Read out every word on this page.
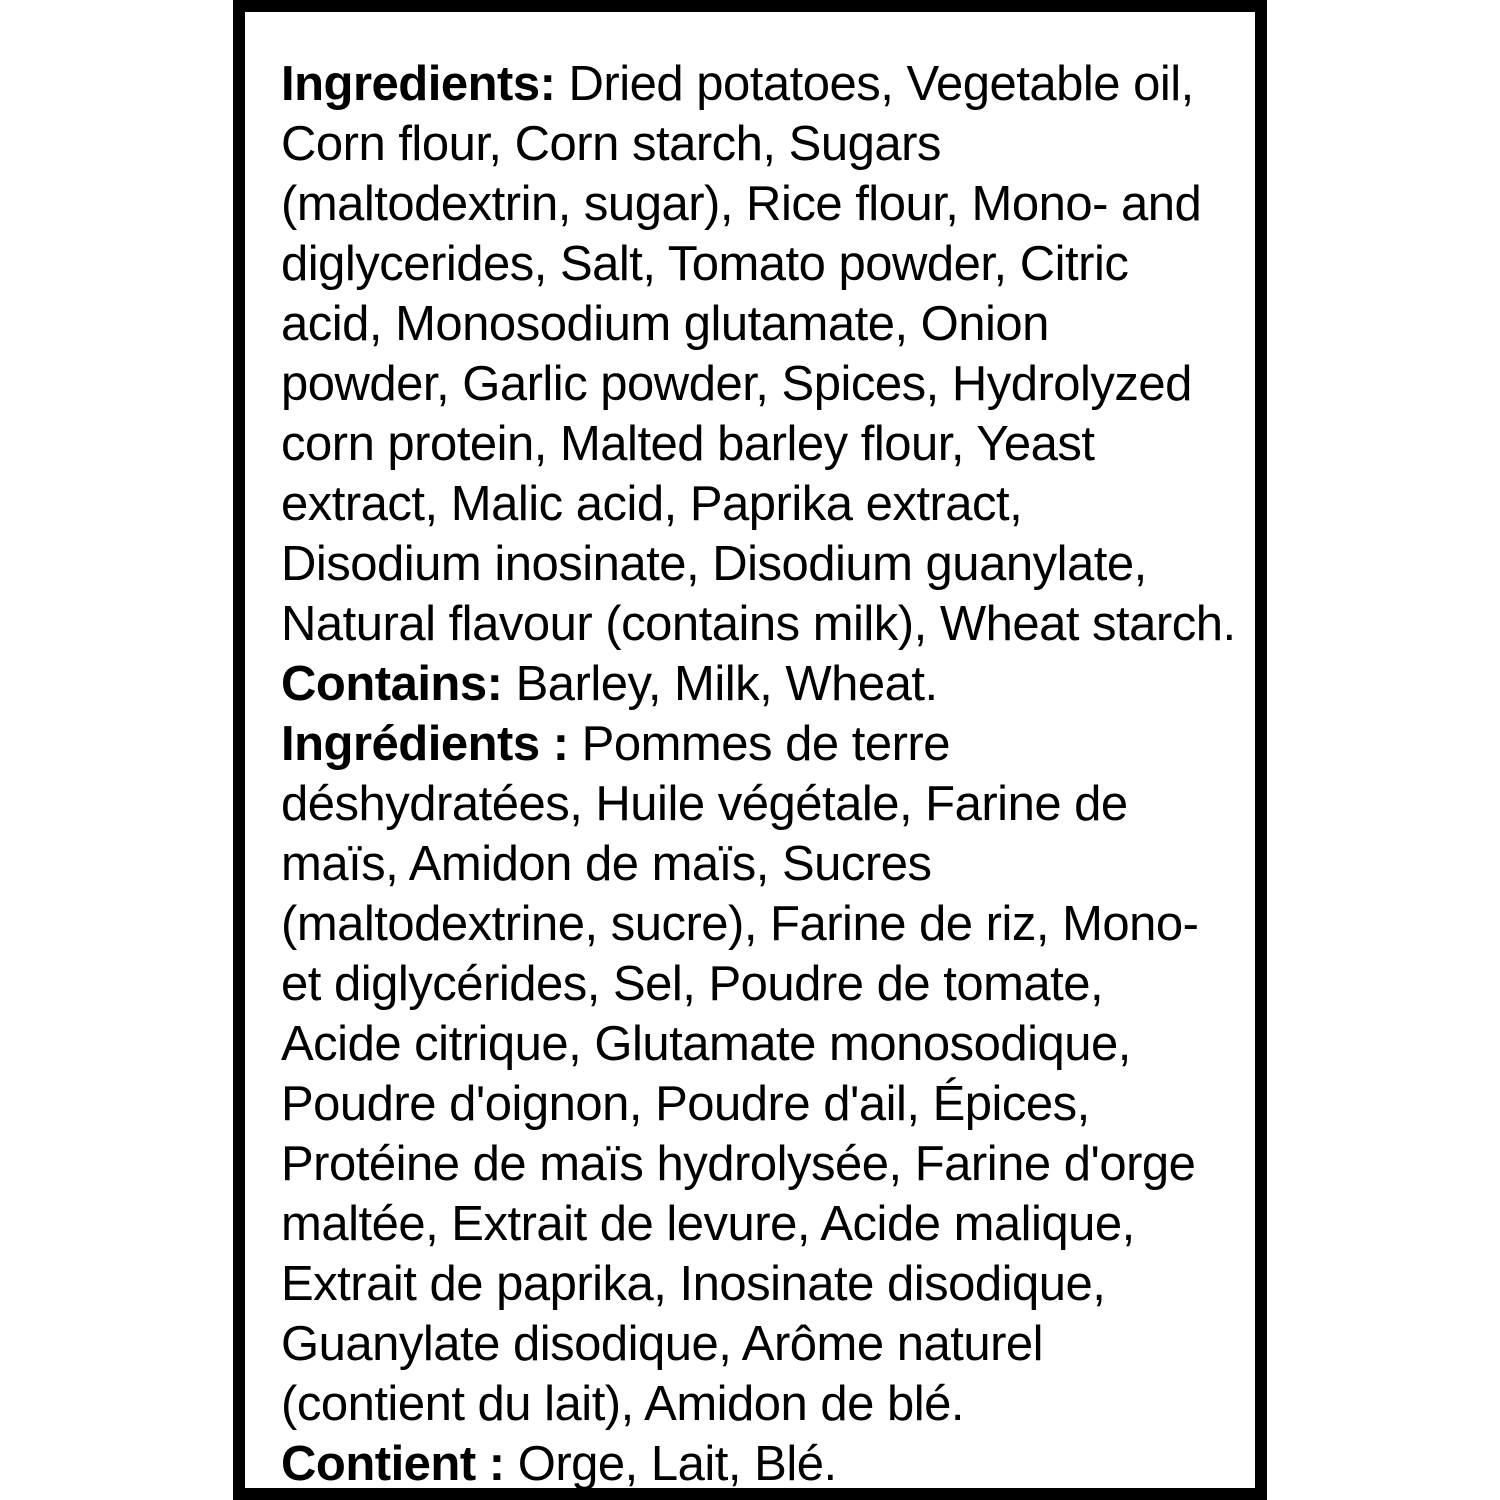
Ingredients: Dried potatoes, Vegetable oil,
Corn flour, Corn starch, Sugars
(maltodextrin, sugar), Rice flour, Mono- and
diglycerides, Salt, Tomato powder, Citric
acid, Monosodium glutamate, Onion
powder, Garlic powder, Spices, Hydrolyzed
corn protein, Malted barley flour, Yeast
extract, Malic acid, Paprika extract,
Disodium inosinate, Disodium guanylate,
Natural flavour (contains milk), Wheat starch.
Contains: Barley, Milk, Wheat.
Ingrédients : Pommes de terre
déshydratées, Huile végétale, Farine de
maïs, Amidon de maïs, Sucres
(maltodextrine, sucre), Farine de riz, Mono-
et diglycérides, Sel, Poudre de tomate,
Acide citrique, Glutamate monosodique,
Poudre d'oignon, Poudre d'ail, Épices,
Protéine de maïs hydrolysée, Farine d'orge
maltée, Extrait de levure, Acide malique,
Extrait de paprika, Inosinate disodique,
Guanylate disodique, Arôme naturel
(contient du lait), Amidon de blé.
Contient : Orge, Lait, Blé.
